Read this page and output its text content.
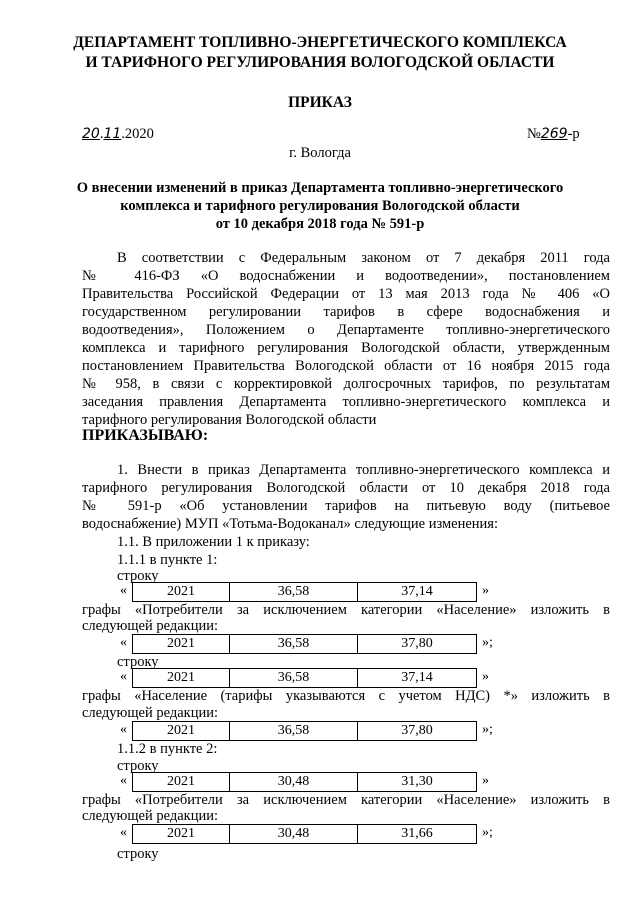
ДЕПАРТАМЕНТ ТОПЛИВНО-ЭНЕРГЕТИЧЕСКОГО КОМПЛЕКСА
И ТАРИФНОГО РЕГУЛИРОВАНИЯ ВОЛОГОДСКОЙ ОБЛАСТИ
ПРИКАЗ
20.11.2020	№269-р
г. Вологда
О внесении изменений в приказ Департамента топливно-энергетического
комплекса и тарифного регулирования Вологодской области
от 10 декабря 2018 года № 591-р
В соответствии с Федеральным законом от 7 декабря 2011 года
№ 416-ФЗ «О водоснабжении и водоотведении», постановлением
Правительства Российской Федерации от 13 мая 2013 года № 406 «О
государственном регулировании тарифов в сфере водоснабжения и
водоотведения», Положением о Департаменте топливно-энергетического
комплекса и тарифного регулирования Вологодской области, утвержденным
постановлением Правительства Вологодской области от 16 ноября 2015 года
№ 958, в связи с корректировкой долгосрочных тарифов, по результатам
заседания правления Департамента топливно-энергетического комплекса и
тарифного регулирования Вологодской области
ПРИКАЗЫВАЮ:
1. Внести в приказ Департамента топливно-энергетического комплекса и
тарифного регулирования Вологодской области от 10 декабря 2018 года
№ 591-р «Об установлении тарифов на питьевую воду (питьевое
водоснабжение) МУП «Тотьма-Водоканал» следующие изменения:
1.1. В приложении 1 к приказу:
1.1.1 в пункте 1:
строку
«	2021	36,58	37,14	»
графы «Потребители за исключением категории «Население» изложить в
следующей редакции:
«	2021	36,58	37,80	»;
строку
«	2021	36,58	37,14	»
графы «Население (тарифы указываются с учетом НДС) *» изложить в
следующей редакции:
«	2021	36,58	37,80	»;
1.1.2 в пункте 2:
строку
«	2021	30,48	31,30	»
графы «Потребители за исключением категории «Население» изложить в
следующей редакции:
«	2021	30,48	31,66	»;
строку
